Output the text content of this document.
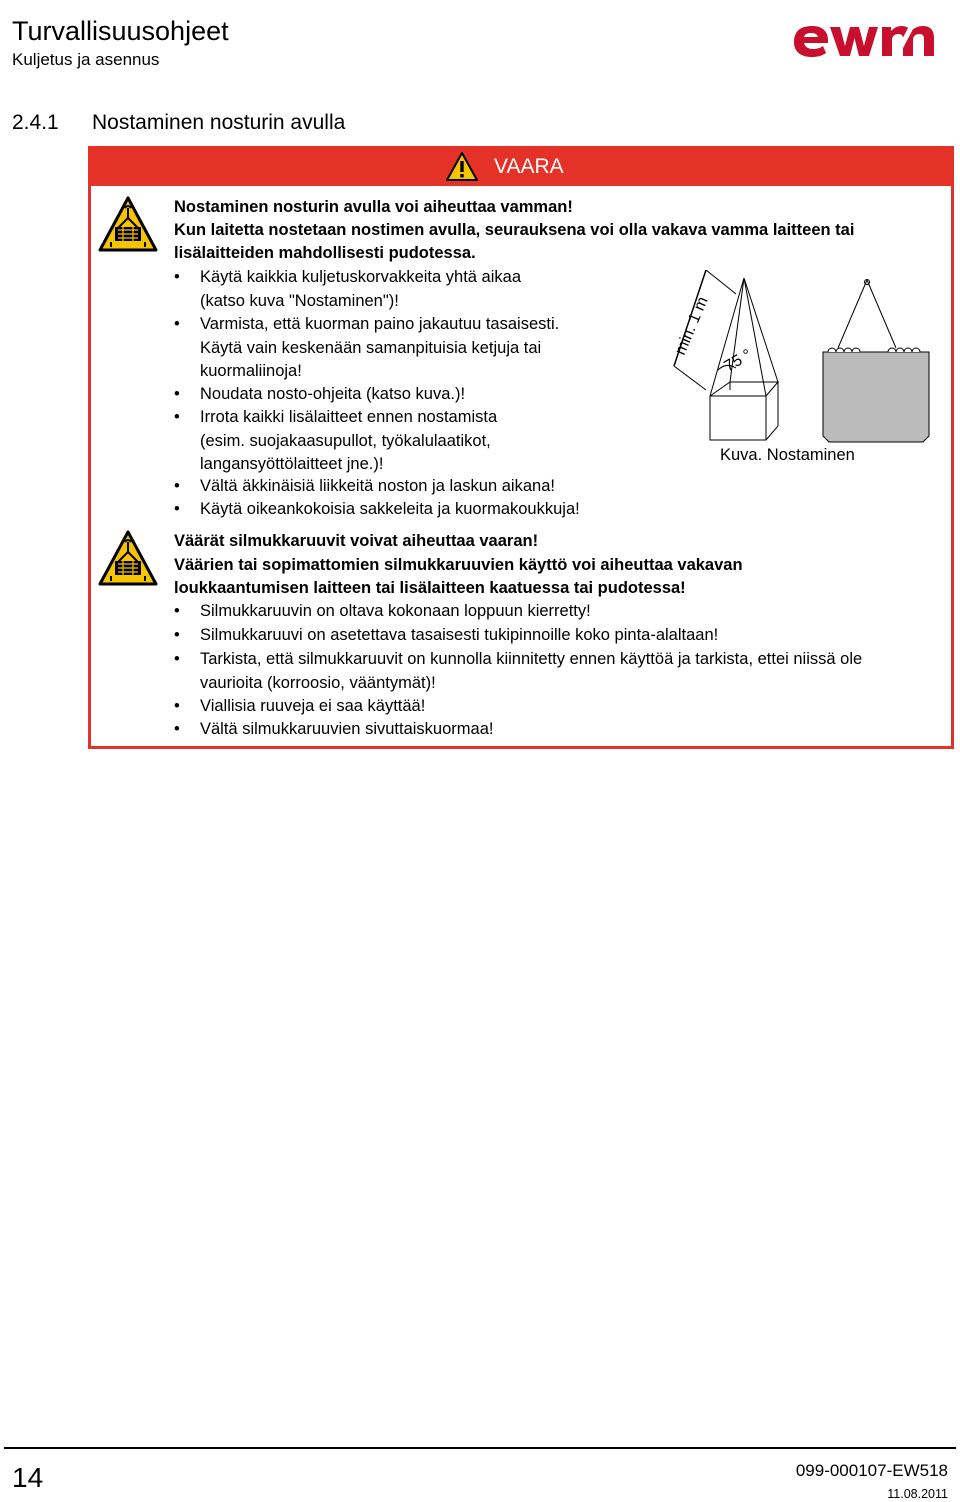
Turvallisuusohjeet
Kuljetus ja asennus
2.4.1 Nostaminen nosturin avulla
VAARA
Nostaminen nosturin avulla voi aiheuttaa vamman!
Kun laitetta nostetaan nostimen avulla, seurauksena voi olla vakava vamma laitteen tai
lisälaitteiden mahdollisesti pudotessa.
• Käytä kaikkia kuljetuskorvakkeita yhtä aikaa
(katso kuva "Nostaminen")!
• Varmista, että kuorman paino jakautuu tasaisesti.
Käytä vain keskenään samanpituisia ketjuja tai
kuormaliinoja!
• Noudata nosto-ohjeita (katso kuva.)!
• Irrota kaikki lisälaitteet ennen nostamista
(esim. suojakaasupullot, työkalulaatikot,
langansyöttölaitteet jne.)!
• Vältä äkkinäisiä liikkeitä noston ja laskun aikana!
• Käytä oikeankokoisia sakkeleita ja kuormakoukkuja!
min. 1 m
75 °
Kuva. Nostaminen
Väärät silmukkaruuvit voivat aiheuttaa vaaran!
Väärien tai sopimattomien silmukkaruuvien käyttö voi aiheuttaa vakavan
loukkaantumisen laitteen tai lisälaitteen kaatuessa tai pudotessa!
• Silmukkaruuvin on oltava kokonaan loppuun kierretty!
• Silmukkaruuvi on asetettava tasaisesti tukipinnoille koko pinta-alaltaan!
• Tarkista, että silmukkaruuvit on kunnolla kiinnitetty ennen käyttöä ja tarkista, ettei niissä ole
vaurioita (korroosio, vääntymät)!
• Viallisia ruuveja ei saa käyttää!
• Vältä silmukkaruuvien sivuttaiskuormaa!
14	099-000107-EW518
11.08.2011
